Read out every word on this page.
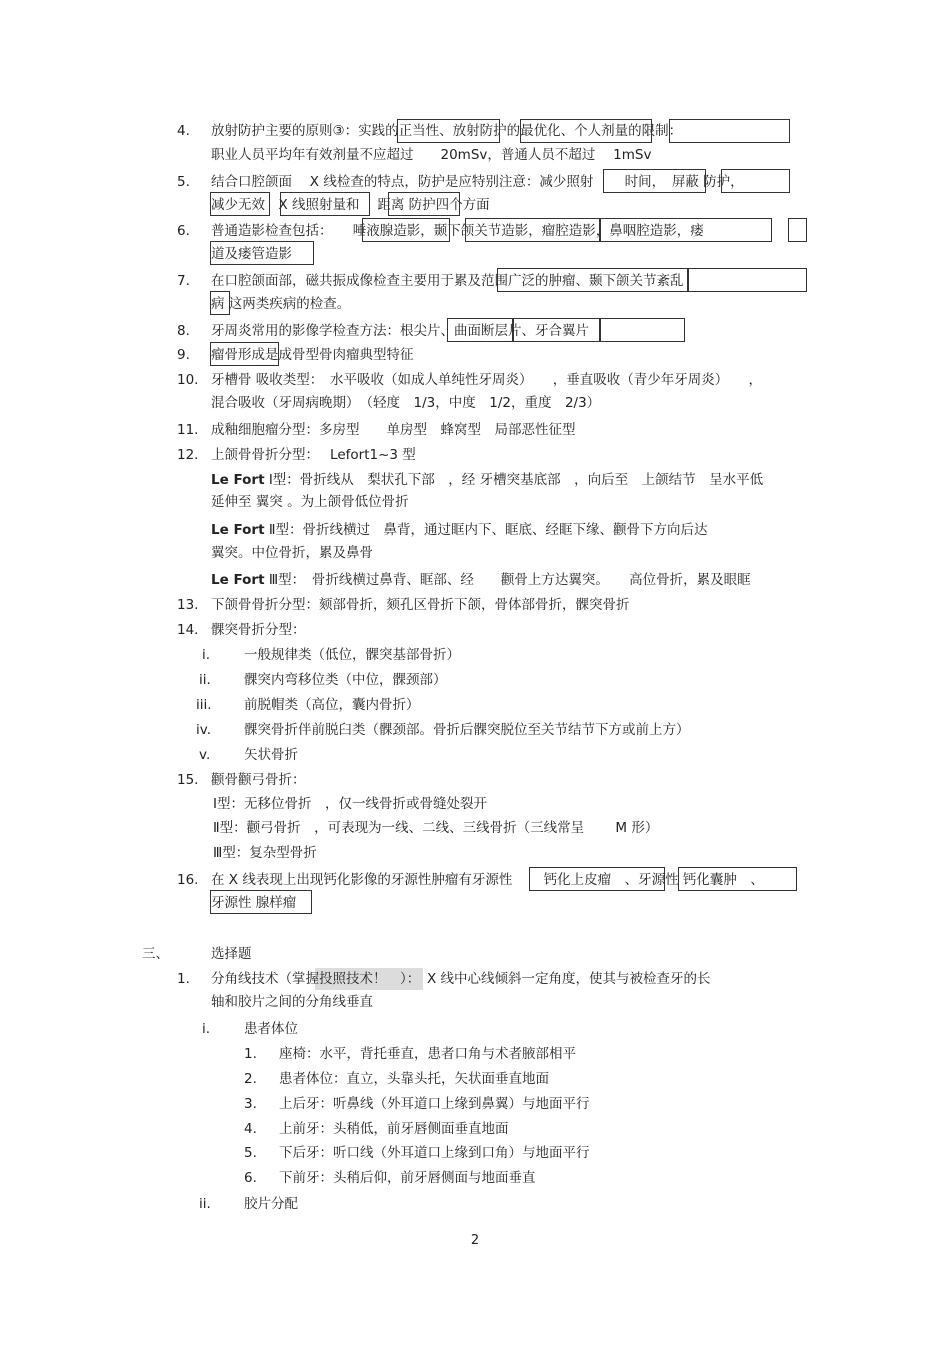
4. 放射防护主要的原则③：实践的正当性、放射防护的最优化、个人剂量的限制：
职业人员平均年有效剂量不应超过　　20mSv，普通人员不超过　 1mSv
5. 结合口腔颌面　 X 线检查的特点，防护是应特别注意：减少照射　　 时间，　屏蔽 防护，
减少无效　X 线照射量和　 距离 防护四个方面
6. 普通造影检查包括：　　唾液腺造影，颞下颌关节造影，瘤腔造影，鼻咽腔造影，瘘
道及瘘管造影
7. 在口腔颌面部，磁共振成像检查主要用于累及范围广泛的肿瘤、颞下颌关节紊乱
病 这两类疾病的检查。
8. 牙周炎常用的影像学检查方法：根尖片、曲面断层片、牙合翼片
9. 瘤骨形成是成骨型骨肉瘤典型特征
10. 牙槽骨 吸收类型：　水平吸收（如成人单纯性牙周炎）　　，垂直吸收（青少年牙周炎）　　，
混合吸收（牙周病晚期）　（轻度　1/3，中度　1/2，重度　2/3）
11. 成釉细胞瘤分型：多房型　　单房型　蜂窝型　局部恶性征型
12. 上颌骨骨折分型：　 Lefort1~3 型
Le Fort Ⅰ型：骨折线从　梨状孔下部　，经 牙槽突基底部　，向后至　上颌结节　呈水平低
延伸至 翼突 。为上颌骨低位骨折
Le Fort Ⅱ型：骨折线横过　鼻背，通过眶内下、眶底、经眶下缘、颧骨下方向后达
翼突。中位骨折，累及鼻骨
Le Fort Ⅲ型：　骨折线横过鼻背、眶部、经　　颧骨上方达翼突。　　高位骨折，累及眼眶
13. 下颌骨骨折分型：颏部骨折，颏孔区骨折下颌，骨体部骨折，髁突骨折
14. 髁突骨折分型：
i.	一般规律类（低位，髁突基部骨折）
ii. 髁突内弯移位类（中位，髁颈部）
iii. 前脱帽类（高位，囊内骨折）
iv. 髁突骨折伴前脱臼类（髁颈部。骨折后髁突脱位至关节结节下方或前上方）
v.	矢状骨折
15. 颧骨颧弓骨折：
Ⅰ型：无移位骨折　，仅一线骨折或骨缝处裂开
Ⅱ型：颧弓骨折　，可表现为一线、二线、三线骨折（三线常呈　　 M 形）
Ⅲ型：复杂型骨折
16. 在 X 线表现上出现钙化影像的牙源性肿瘤有牙源性　　 钙化上皮瘤　、牙源性 钙化囊肿　、
牙源性 腺样瘤
三、	选择题
1. 分角线技术（掌握投照技术！　）：　X 线中心线倾斜一定角度，使其与被检查牙的长
轴和胶片之间的分角线垂直
i.	患者体位
1. 座椅：水平，背托垂直，患者口角与术者腋部相平
2. 患者体位：直立，头靠头托，矢状面垂直地面
3. 上后牙：听鼻线（外耳道口上缘到鼻翼）与地面平行
4. 上前牙：头稍低，前牙唇侧面垂直地面
5. 下后牙：听口线（外耳道口上缘到口角）与地面平行
6. 下前牙：头稍后仰，前牙唇侧面与地面垂直
ii. 胶片分配
2
